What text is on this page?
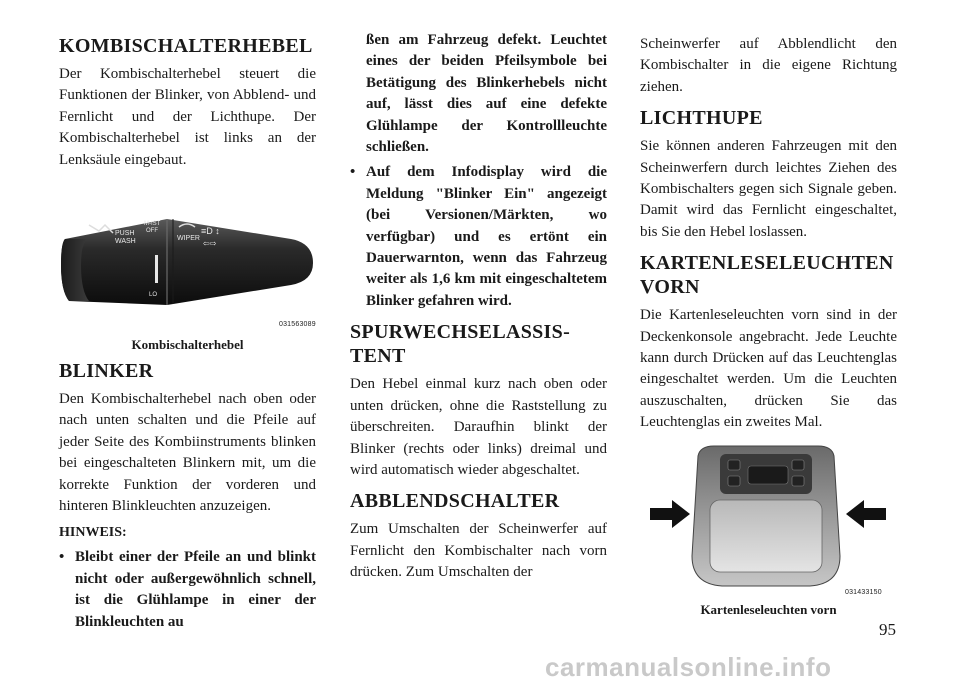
KOMBISCHALTERHEBEL

Der Kombischalterhebel steuert die Funktionen der Blinker, von Abblend- und Fernlicht und der Lichthupe. Der Kombischalterhebel ist links an der Lenksäule eingebaut.

PUSH
WASH
M-IST
OFF
LO
WIPER
≡D ↕
⇦⇨
031563089
Kombischalterhebel
BLINKER

Den Kombischalterhebel nach oben oder nach unten schalten und die Pfeile auf jeder Seite des Kombiinstruments blinken bei eingeschalteten Blinkern mit, um die korrekte Funktion der vorderen und hinteren Blinkleuchten anzuzeigen.

HINWEIS:
• Bleibt einer der Pfeile an und blinkt nicht oder außergewöhnlich schnell, ist die Glühlampe in einer der Blinkleuchten au
ßen am Fahrzeug defekt. Leuchtet eines der beiden Pfeilsymbole bei Betätigung des Blinkerhebels nicht auf, lässt dies auf eine defekte Glühlampe der Kontrollleuchte schließen.
• Auf dem Infodisplay wird die Meldung "Blinker Ein" angezeigt (bei Versionen/Märkten, wo verfügbar) und es ertönt ein Dauerwarnton, wenn das Fahrzeug weiter als 1,6 km mit eingeschaltetem Blinker gefahren wird.
SPURWECHSELASSISTENT

Den Hebel einmal kurz nach oben oder unten drücken, ohne die Raststellung zu überschreiten. Daraufhin blinkt der Blinker (rechts oder links) dreimal und wird automatisch wieder abgeschaltet.

ABBLENDSCHALTER

Zum Umschalten der Scheinwerfer auf Fernlicht den Kombischalter nach vorn drücken. Zum Umschalten der

Scheinwerfer auf Abblendlicht den Kombischalter in die eigene Richtung ziehen.

LICHTHUPE

Sie können anderen Fahrzeugen mit den Scheinwerfern durch leichtes Ziehen des Kombischalters gegen sich Signale geben. Damit wird das Fernlicht eingeschaltet, bis Sie den Hebel loslassen.

KARTENLESELEUCHTEN VORN

Die Kartenleseleuchten vorn sind in der Deckenkonsole angebracht. Jede Leuchte kann durch Drücken auf das Leuchtenglas eingeschaltet werden. Um die Leuchten auszuschalten, drücken Sie das Leuchtenglas ein zweites Mal.

031433150
Kartenleseleuchten vorn
95
carmanualsonline.info
